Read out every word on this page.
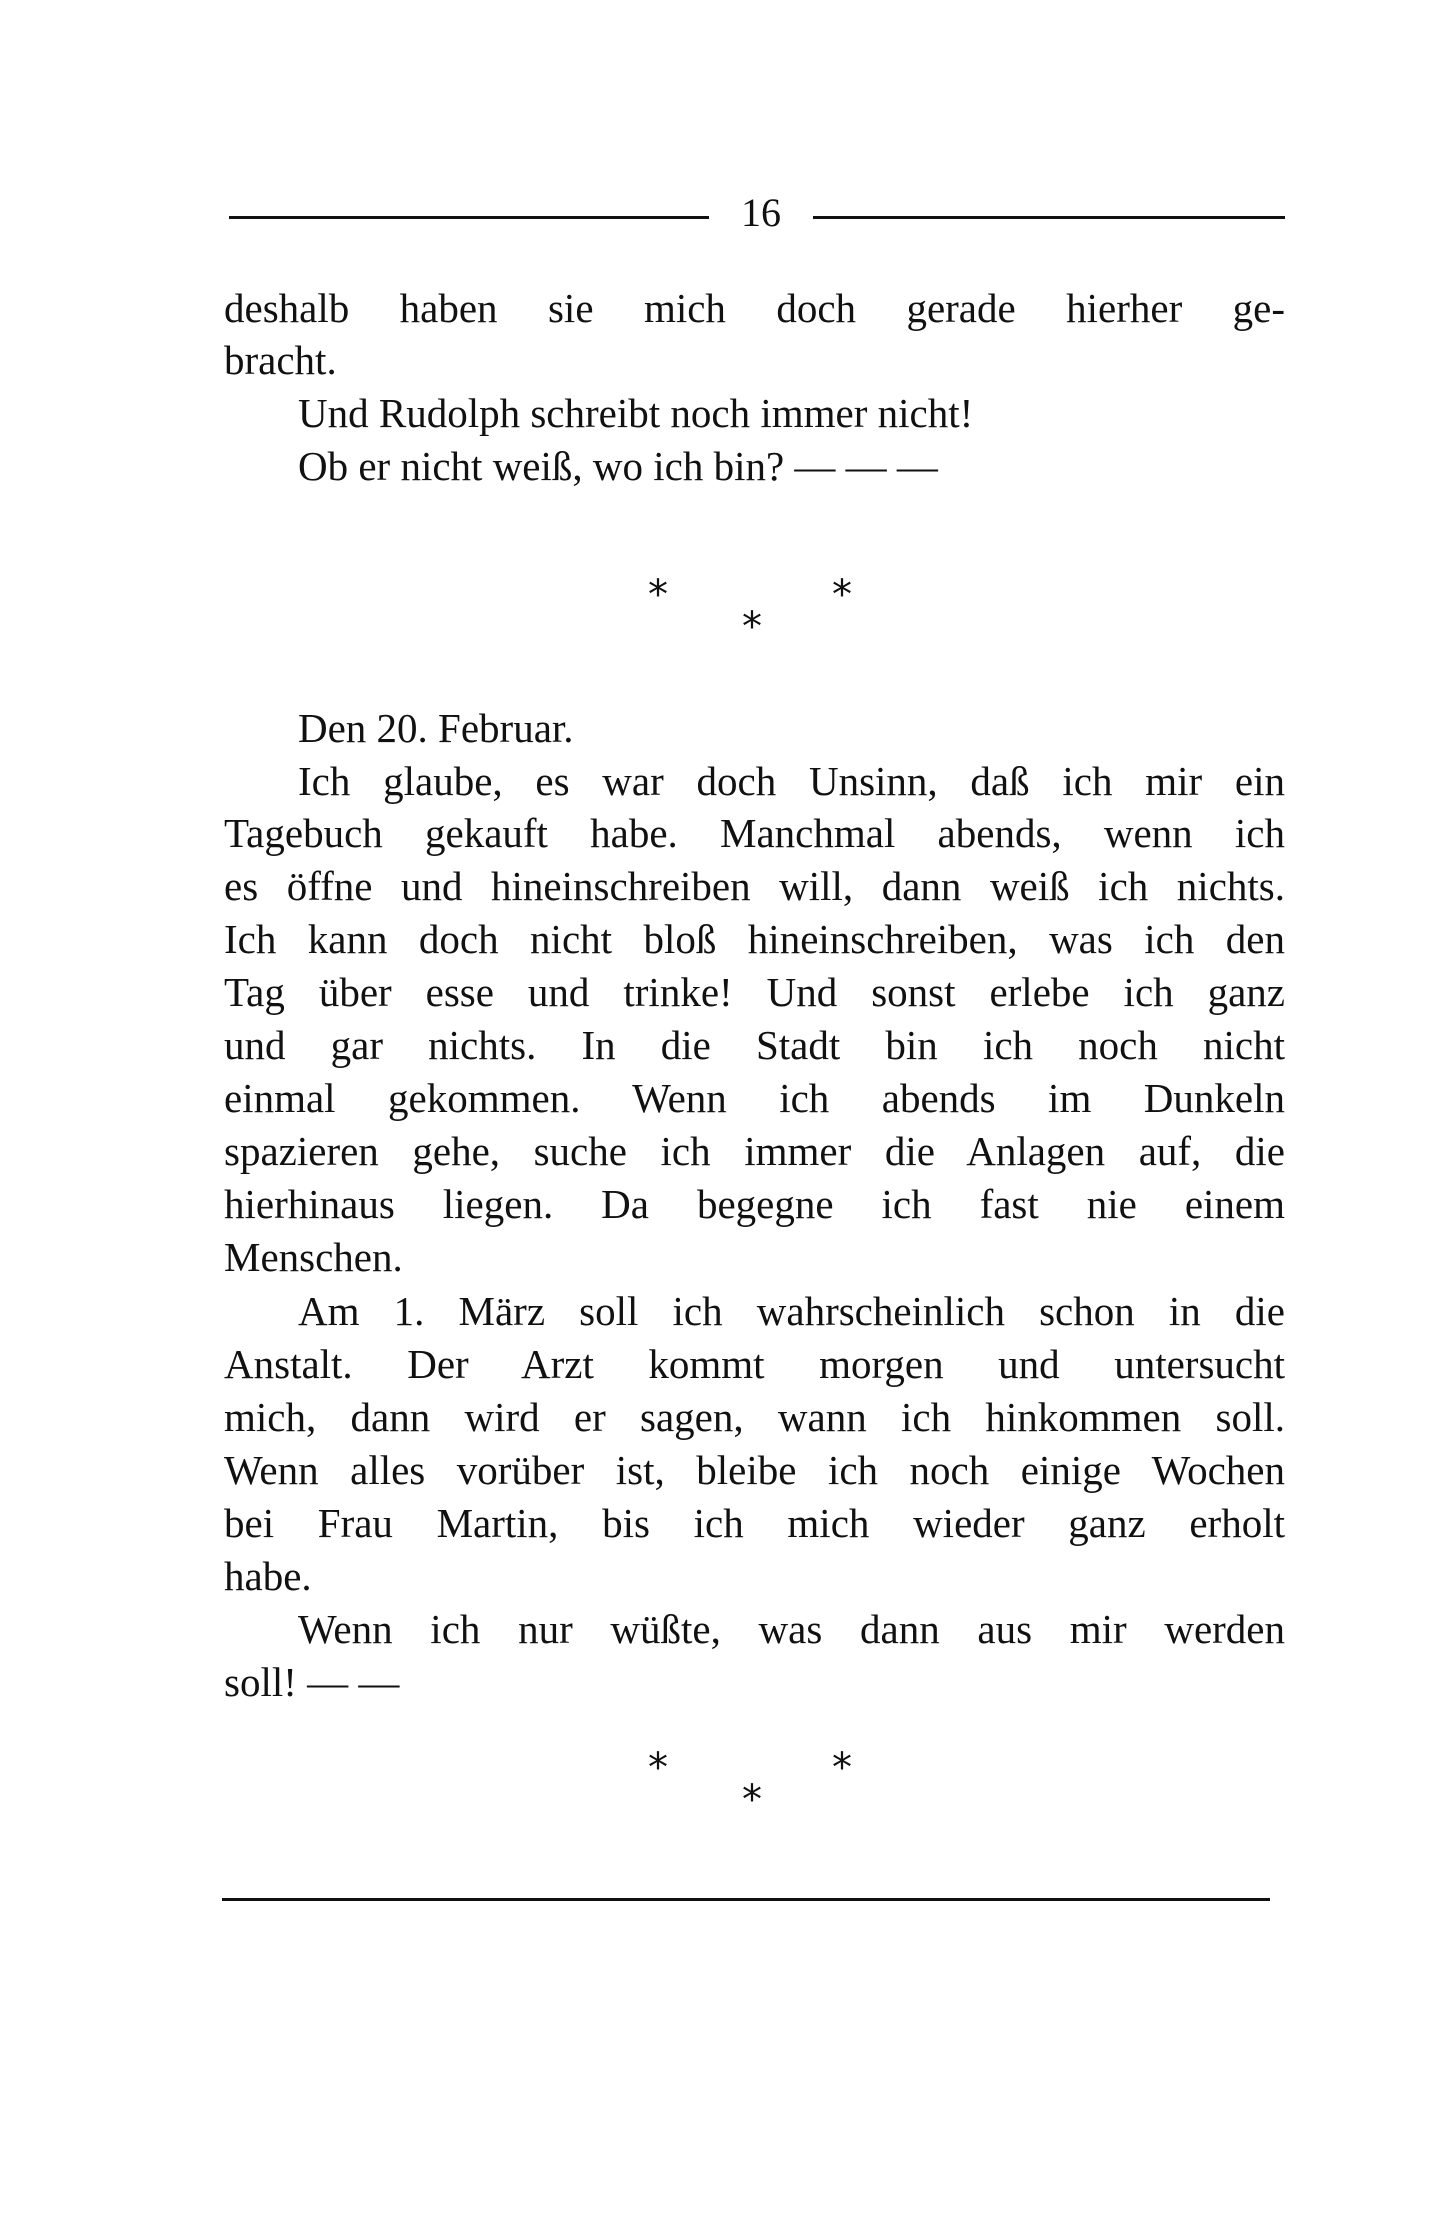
16
deshalb haben sie mich doch gerade hierher ge-
bracht.
Und Rudolph schreibt noch immer nicht!
Ob er nicht weiß, wo ich bin? — — —
*	*
*
Den 20. Februar.
Ich glaube, es war doch Unsinn, daß ich mir ein
Tagebuch gekauft habe. Manchmal abends, wenn ich
es öffne und hineinschreiben will, dann weiß ich nichts.
Ich kann doch nicht bloß hineinschreiben, was ich den
Tag über esse und trinke! Und sonst erlebe ich ganz
und gar nichts. In die Stadt bin ich noch nicht
einmal gekommen. Wenn ich abends im Dunkeln
spazieren gehe, suche ich immer die Anlagen auf, die
hierhinaus liegen. Da begegne ich fast nie einem
Menschen.
Am 1. März soll ich wahrscheinlich schon in die
Anstalt. Der Arzt kommt morgen und untersucht
mich, dann wird er sagen, wann ich hinkommen soll.
Wenn alles vorüber ist, bleibe ich noch einige Wochen
bei Frau Martin, bis ich mich wieder ganz erholt
habe.
Wenn ich nur wüßte, was dann aus mir werden
soll! — —
*	*
*
